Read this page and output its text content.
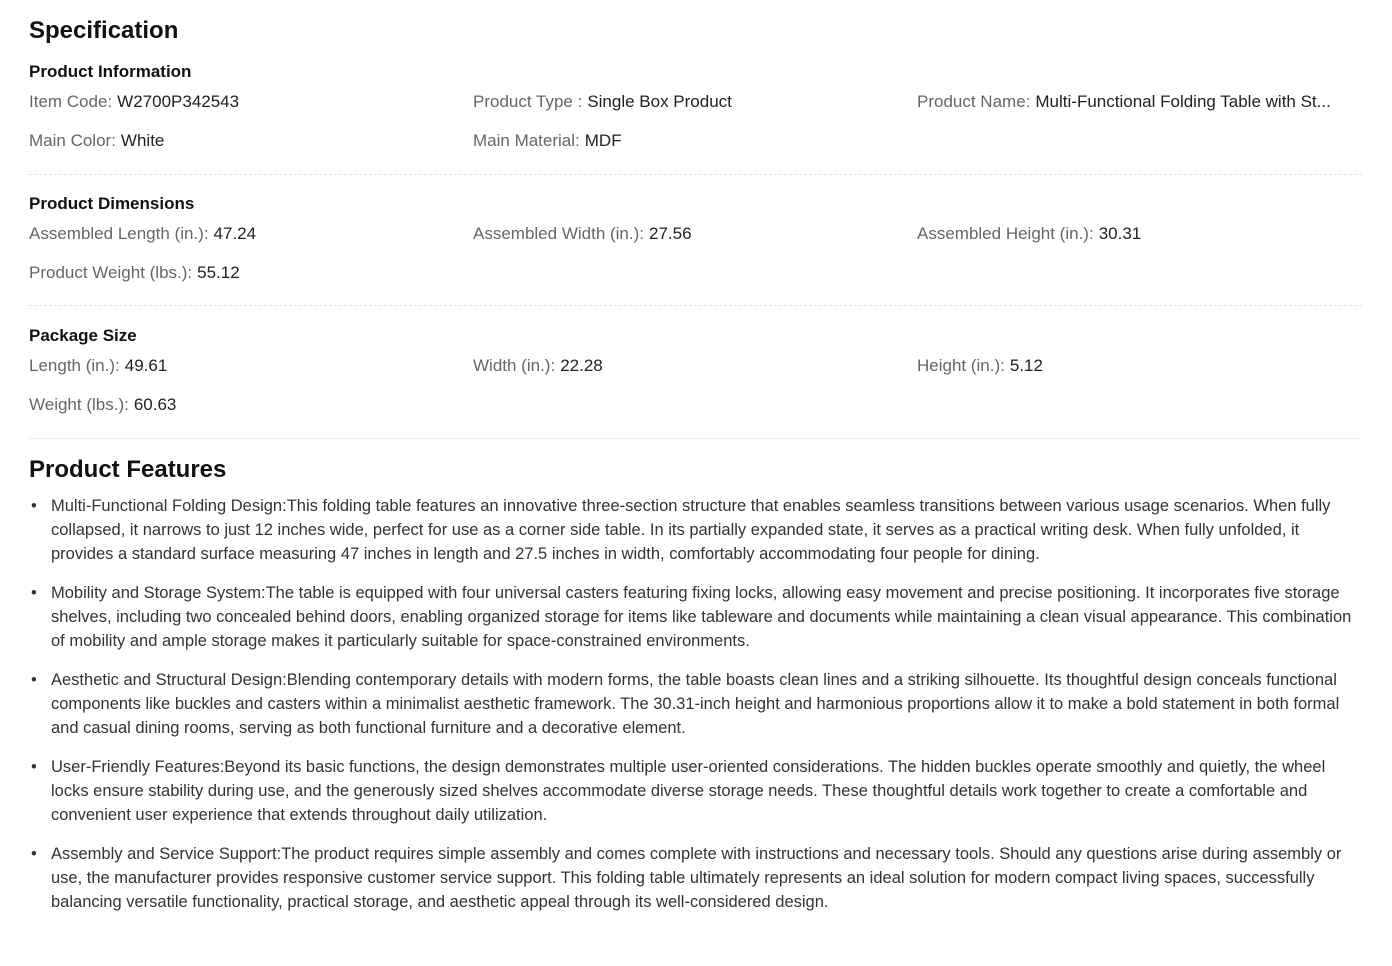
Specification
Product Information
Item Code: W2700P342543	Product Type : Single Box Product	Product Name: Multi-Functional Folding Table with St...
Main Color: White	Main Material: MDF
Product Dimensions
Assembled Length (in.): 47.24	Assembled Width (in.): 27.56	Assembled Height (in.): 30.31
Product Weight (lbs.): 55.12
Package Size
Length (in.): 49.61	Width (in.): 22.28	Height (in.): 5.12
Weight (lbs.): 60.63
Product Features
• Multi-Functional Folding Design:This folding table features an innovative three-section structure that enables seamless transitions between various usage scenarios. When fully collapsed, it narrows to just 12 inches wide, perfect for use as a corner side table. In its partially expanded state, it serves as a practical writing desk. When fully unfolded, it provides a standard surface measuring 47 inches in length and 27.5 inches in width, comfortably accommodating four people for dining.
• Mobility and Storage System:The table is equipped with four universal casters featuring fixing locks, allowing easy movement and precise positioning. It incorporates five storage shelves, including two concealed behind doors, enabling organized storage for items like tableware and documents while maintaining a clean visual appearance. This combination of mobility and ample storage makes it particularly suitable for space-constrained environments.
• Aesthetic and Structural Design:Blending contemporary details with modern forms, the table boasts clean lines and a striking silhouette. Its thoughtful design conceals functional components like buckles and casters within a minimalist aesthetic framework. The 30.31-inch height and harmonious proportions allow it to make a bold statement in both formal and casual dining rooms, serving as both functional furniture and a decorative element.
• User-Friendly Features:Beyond its basic functions, the design demonstrates multiple user-oriented considerations. The hidden buckles operate smoothly and quietly, the wheel locks ensure stability during use, and the generously sized shelves accommodate diverse storage needs. These thoughtful details work together to create a comfortable and convenient user experience that extends throughout daily utilization.
• Assembly and Service Support:The product requires simple assembly and comes complete with instructions and necessary tools. Should any questions arise during assembly or use, the manufacturer provides responsive customer service support. This folding table ultimately represents an ideal solution for modern compact living spaces, successfully balancing versatile functionality, practical storage, and aesthetic appeal through its well-considered design.
